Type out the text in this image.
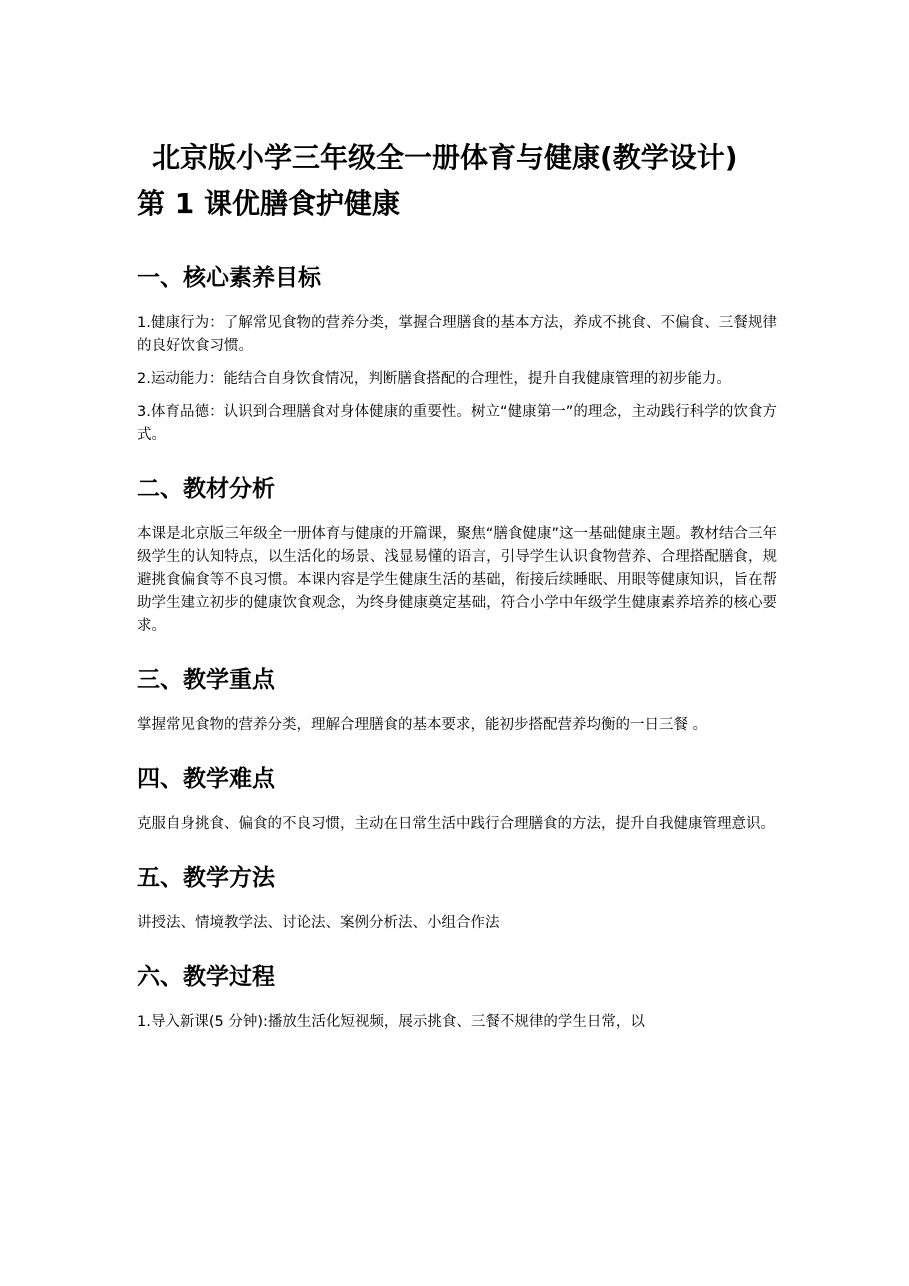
北京版小学三年级全一册体育与健康(教学设计)
第 1 课优膳食护健康
一、核心素养目标

1.健康行为：了解常见食物的营养分类，掌握合理膳食的基本方法，养成不挑食、不偏食、三餐规律的良好饮食习惯。

2.运动能力：能结合自身饮食情况，判断膳食搭配的合理性，提升自我健康管理的初步能力。

3.体育品德：认识到合理膳食对身体健康的重要性。树立“健康第一”的理念，主动践行科学的饮食方式。

二、教材分析

本课是北京版三年级全一册体育与健康的开篇课，聚焦“膳食健康”这一基础健康主题。教材结合三年级学生的认知特点，以生活化的场景、浅显易懂的语言，引导学生认识食物营养、合理搭配膳食，规避挑食偏食等不良习惯。本课内容是学生健康生活的基础，衔接后续睡眠、用眼等健康知识，旨在帮助学生建立初步的健康饮食观念，为终身健康奠定基础，符合小学中年级学生健康素养培养的核心要求。

三、教学重点

掌握常见食物的营养分类，理解合理膳食的基本要求，能初步搭配营养均衡的一日三餐 。

四、教学难点

克服自身挑食、偏食的不良习惯，主动在日常生活中践行合理膳食的方法，提升自我健康管理意识。

五、教学方法

讲授法、情境教学法、讨论法、案例分析法、小组合作法

六、教学过程

1.导入新课(5 分钟):播放生活化短视频，展示挑食、三餐不规律的学生日常，以
